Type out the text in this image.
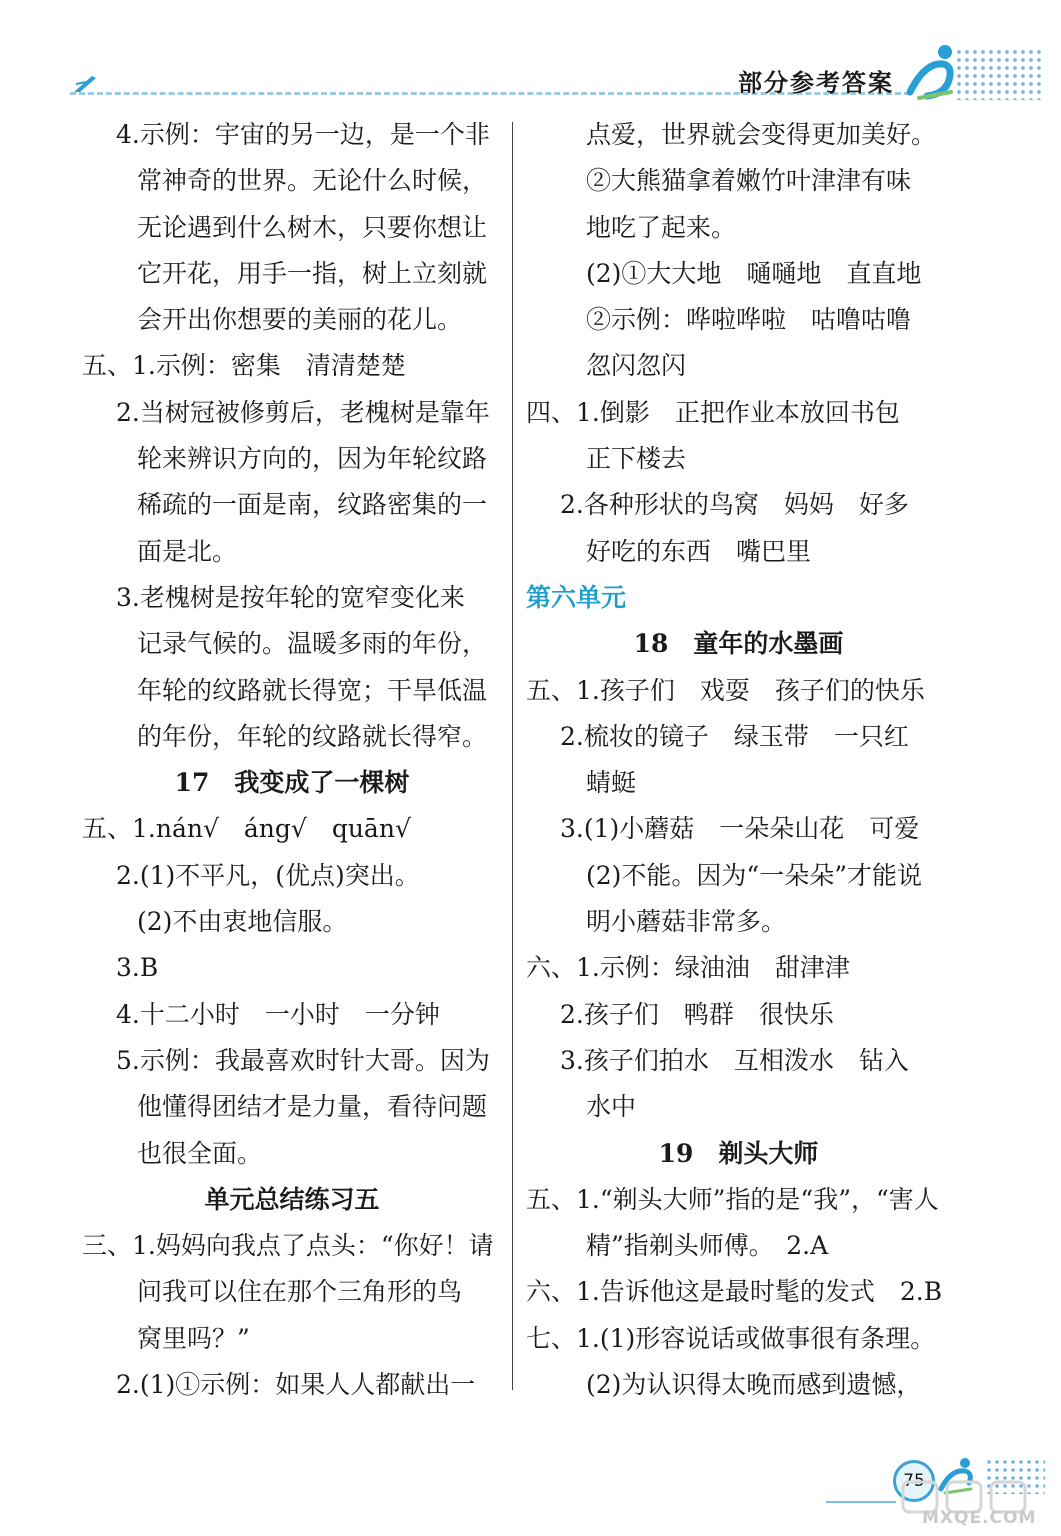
部分参考答案
4.示例：宇宙的另一边，是一个非
常神奇的世界。无论什么时候，
无论遇到什么树木，只要你想让
它开花，用手一指，树上立刻就
会开出你想要的美丽的花儿。
五、1.示例：密集　清清楚楚
2.当树冠被修剪后，老槐树是靠年
轮来辨识方向的，因为年轮纹路
稀疏的一面是南，纹路密集的一
面是北。
3.老槐树是按年轮的宽窄变化来
记录气候的。温暖多雨的年份，
年轮的纹路就长得宽；干旱低温
的年份，年轮的纹路就长得窄。
17　我变成了一棵树
五、1.nán√　áng√　quān√
2.(1)不平凡，(优点)突出。
(2)不由衷地信服。
3.B
4.十二小时　一小时　一分钟
5.示例：我最喜欢时针大哥。因为
他懂得团结才是力量，看待问题
也很全面。
单元总结练习五
三、1.妈妈向我点了点头：“你好！请
问我可以住在那个三角形的鸟
窝里吗？”
2.(1)①示例：如果人人都献出一
点爱，世界就会变得更加美好。
②大熊猫拿着嫩竹叶津津有味
地吃了起来。
(2)①大大地　嗵嗵地　直直地
②示例：哗啦哗啦　咕噜咕噜
忽闪忽闪
四、1.倒影　正把作业本放回书包
正下楼去
2.各种形状的鸟窝　妈妈　好多
好吃的东西　嘴巴里
第六单元
18　童年的水墨画
五、1.孩子们　戏耍　孩子们的快乐
2.梳妆的镜子　绿玉带　一只红
蜻蜓
3.(1)小蘑菇　一朵朵山花　可爱
(2)不能。因为“一朵朵”才能说
明小蘑菇非常多。
六、1.示例：绿油油　甜津津
2.孩子们　鸭群　很快乐
3.孩子们拍水　互相泼水　钻入
水中
19　剃头大师
五、1.“剃头大师”指的是“我”，“害人
精”指剃头师傅。　2.A
六、1.告诉他这是最时髦的发式　2.B
七、1.(1)形容说话或做事很有条理。
(2)为认识得太晚而感到遗憾，
75
MXQE.COM
